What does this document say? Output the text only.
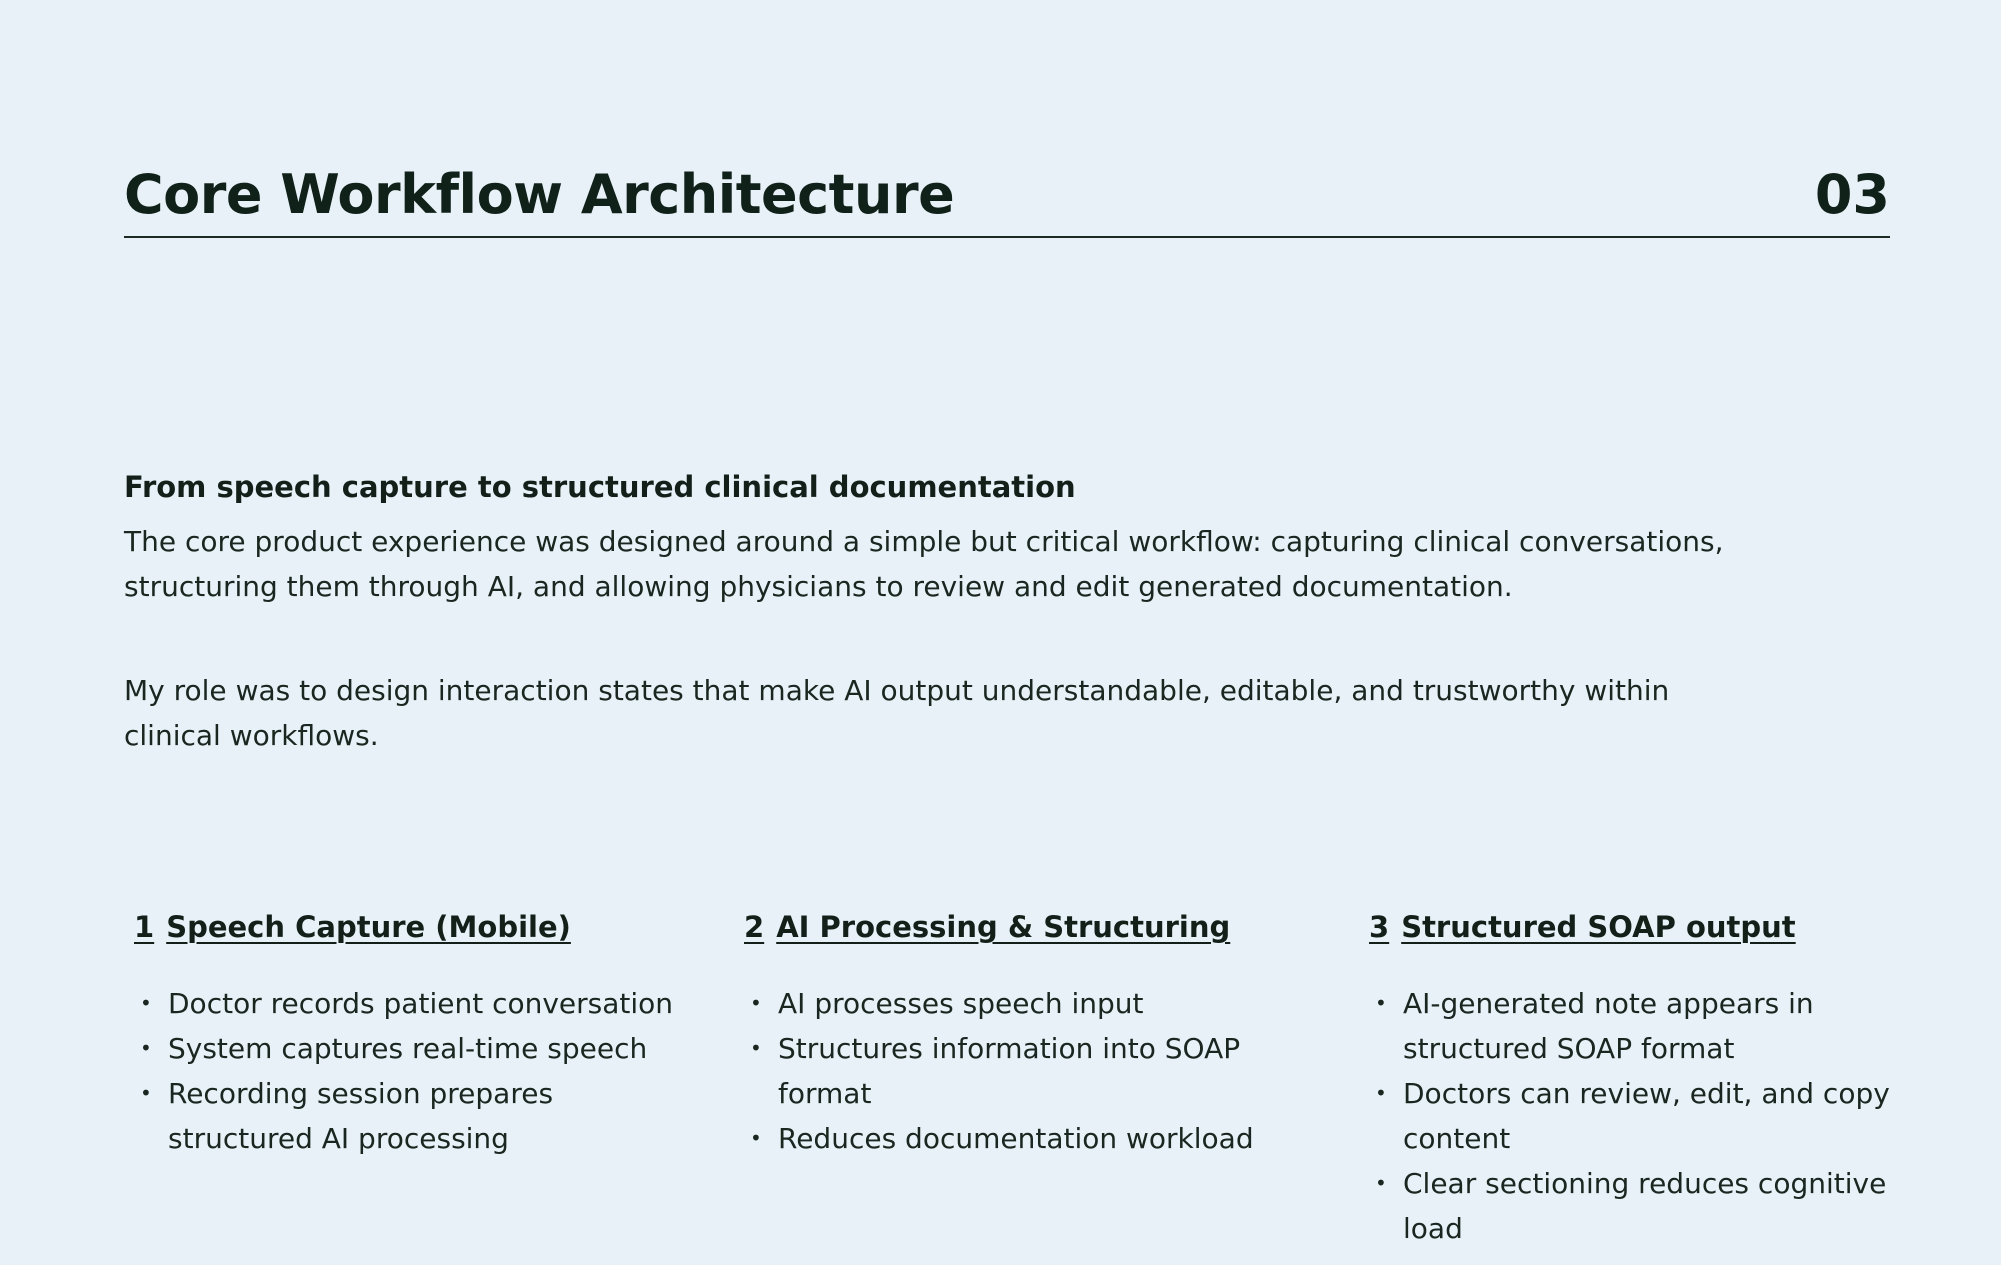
Core Workflow Architecture	03
From speech capture to structured clinical documentation

The core product experience was designed around a simple but critical workflow: capturing clinical conversations, structuring them through AI, and allowing physicians to review and edit generated documentation.

My role was to design interaction states that make AI output understandable, editable, and trustworthy within clinical workflows.

1 Speech Capture (Mobile)
• Doctor records patient conversation
• System captures real-time speech
• Recording session prepares structured AI processing
2 AI Processing & Structuring
• AI processes speech input
• Structures information into SOAP format
• Reduces documentation workload
3 Structured SOAP output
• AI-generated note appears in structured SOAP format
• Doctors can review, edit, and copy content
• Clear sectioning reduces cognitive load
